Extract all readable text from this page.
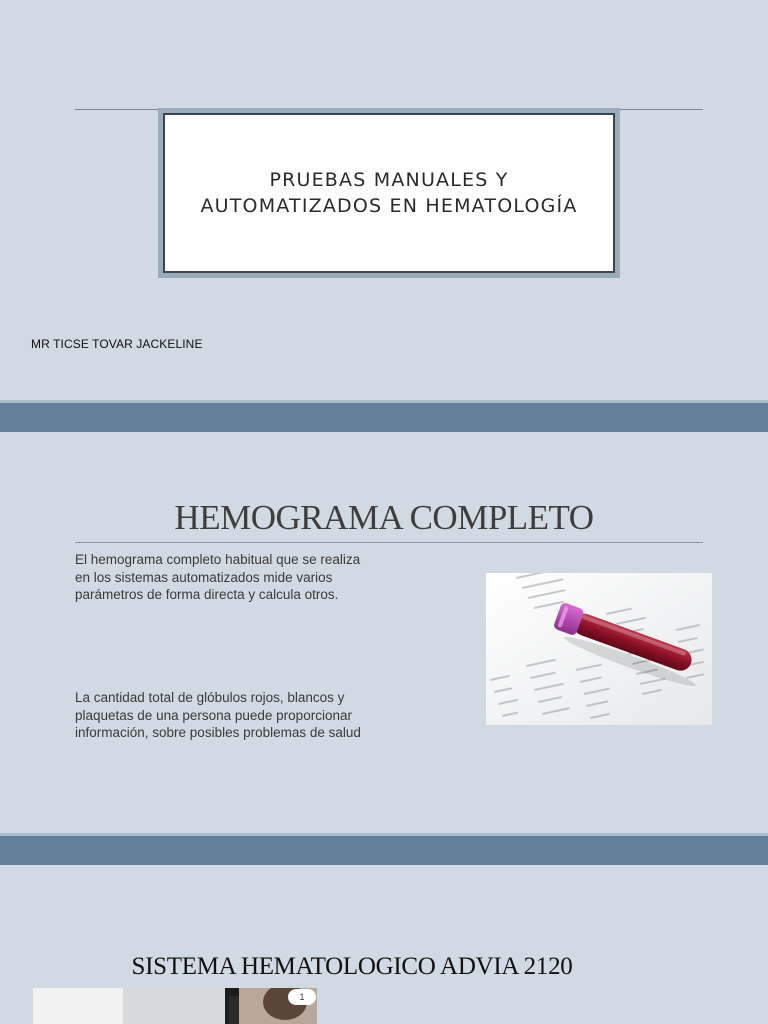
PRUEBAS MANUALES Y
AUTOMATIZADOS EN HEMATOLOGÍA
MR TICSE TOVAR JACKELINE
HEMOGRAMA COMPLETO

El hemograma completo habitual que se realiza en los sistemas automatizados mide varios parámetros de forma directa y calcula otros.

La cantidad total de glóbulos rojos, blancos y plaquetas de una persona puede proporcionar información, sobre posibles problemas de salud

SISTEMA HEMATOLOGICO ADVIA 2120
1
